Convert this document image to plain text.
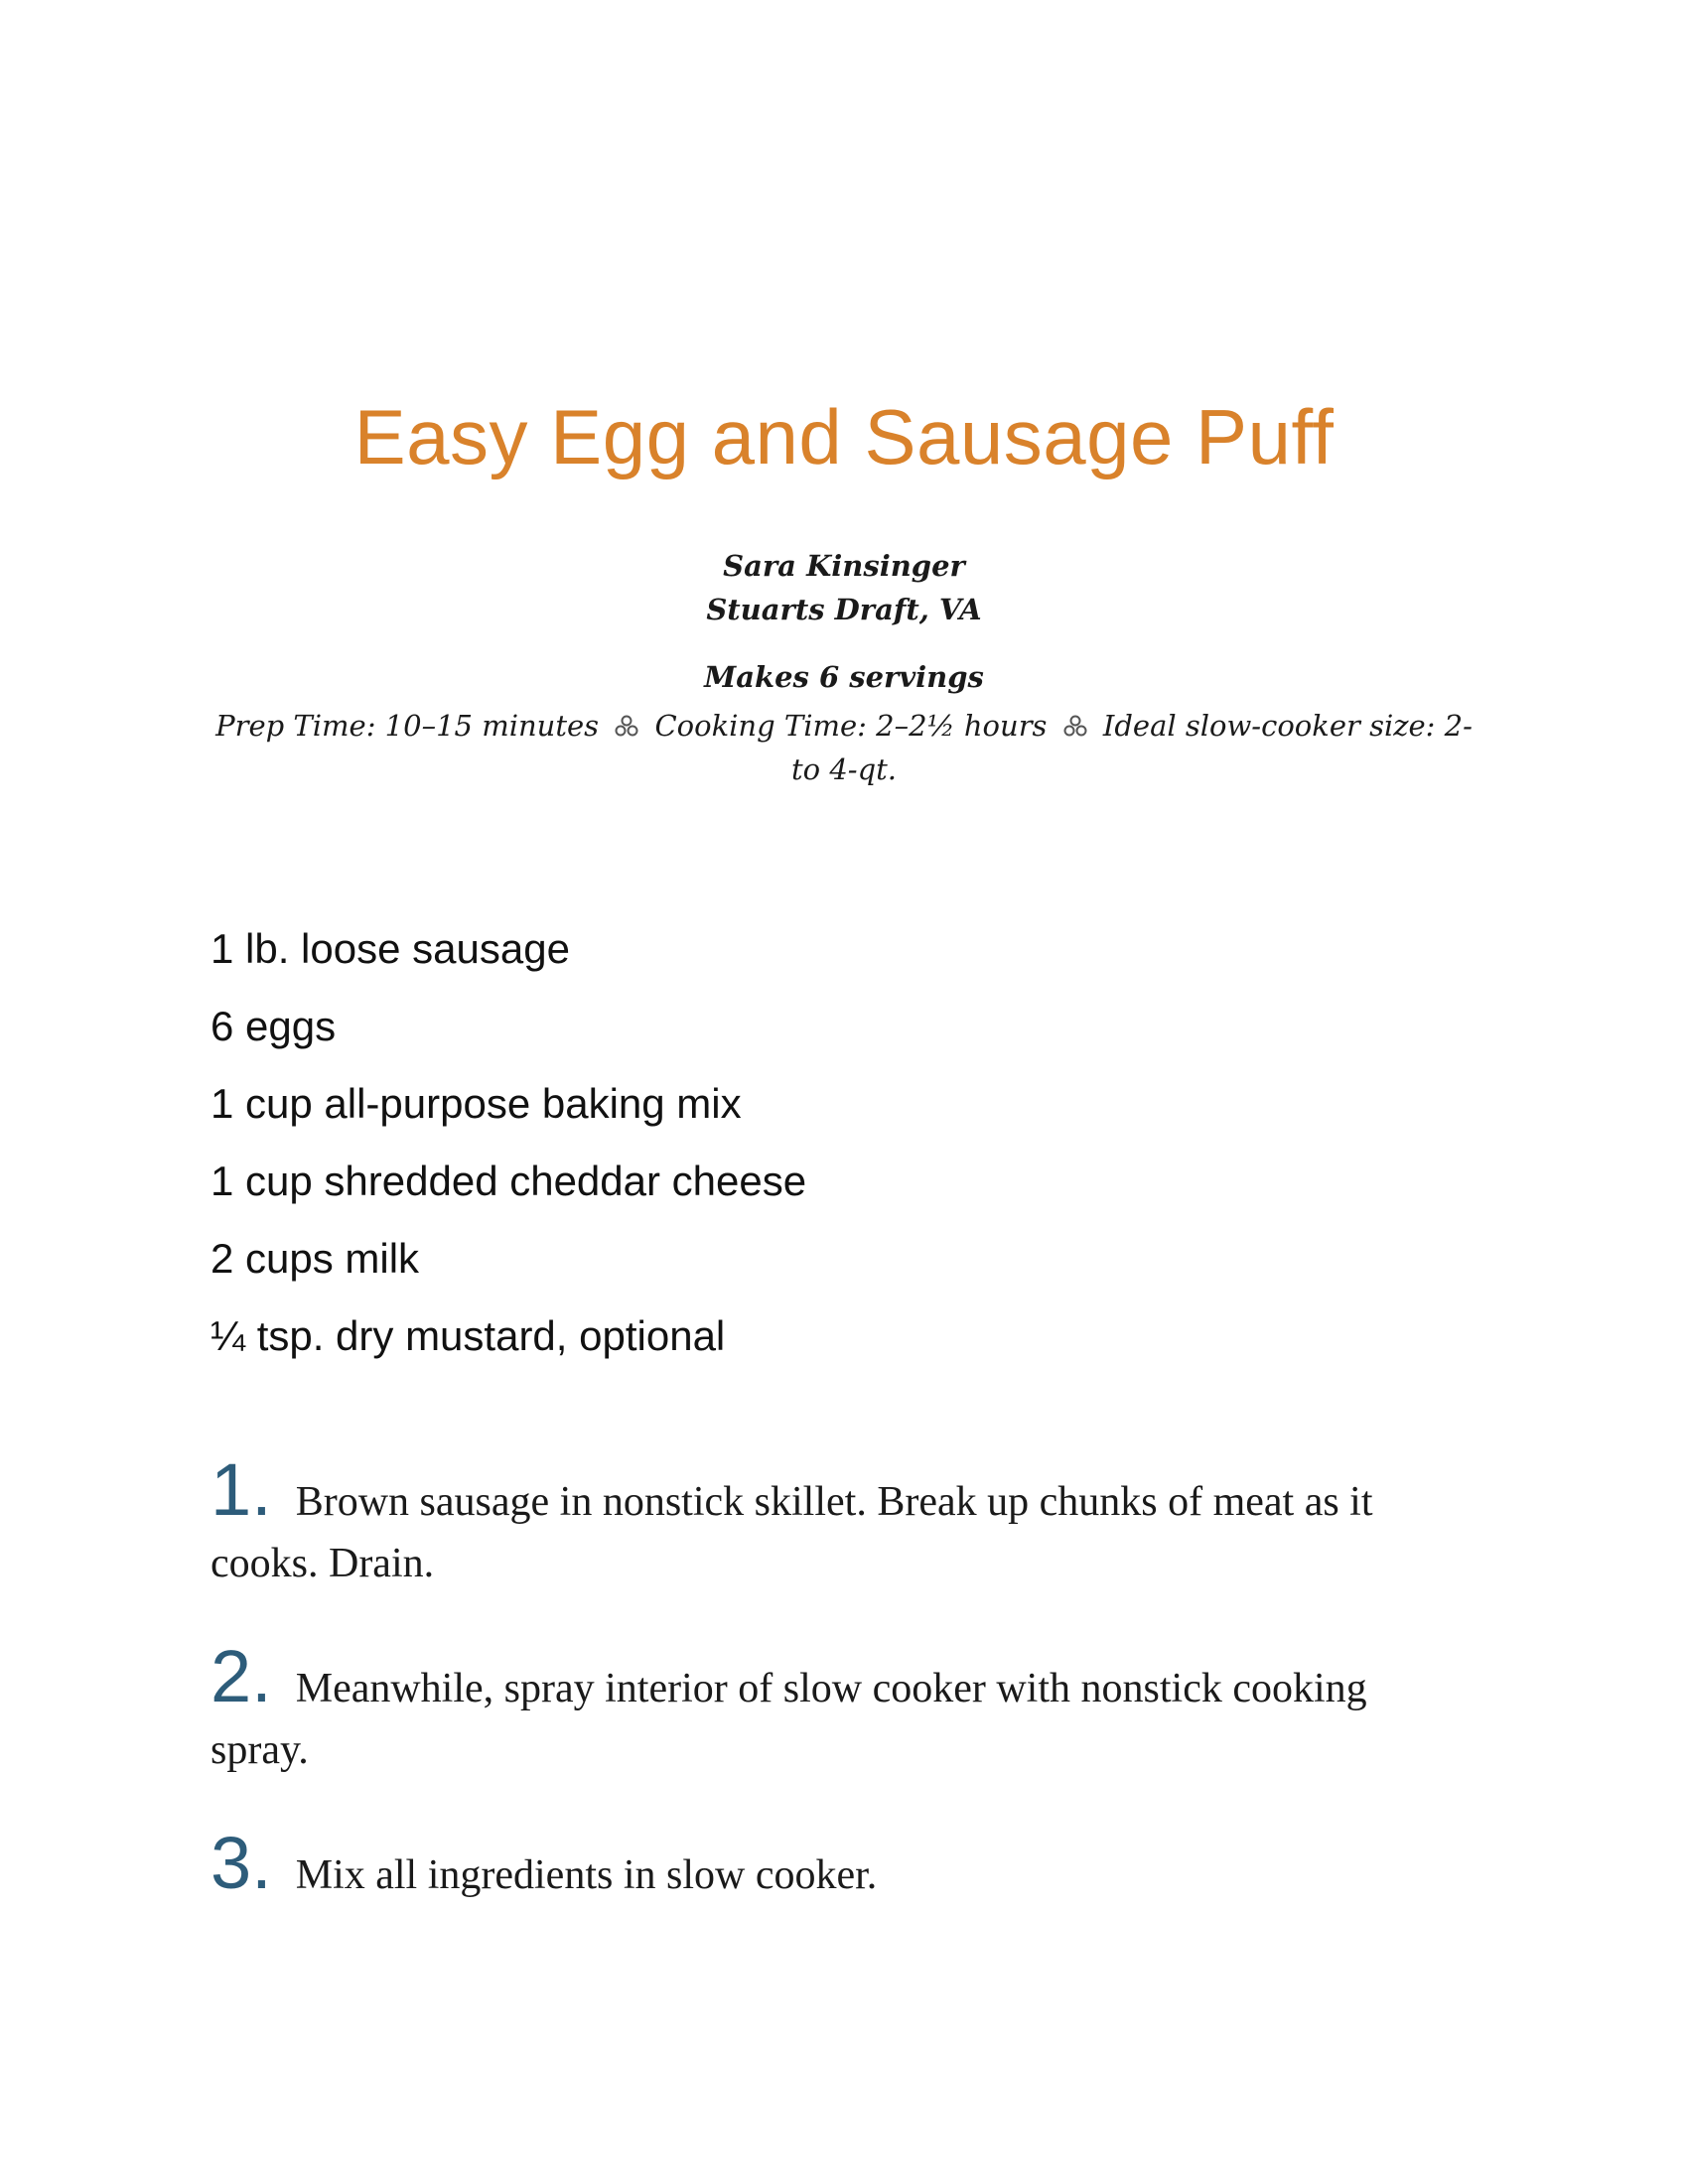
Easy Egg and Sausage Puff
Sara Kinsinger
Stuarts Draft, VA
Makes 6 servings
Prep Time: 10–15 minutes Cooking Time: 2–2½ hours Ideal slow-cooker size: 2- to 4-qt.
1 lb. loose sausage
6 eggs
1 cup all-purpose baking mix
1 cup shredded cheddar cheese
2 cups milk
¼ tsp. dry mustard, optional

1. Brown sausage in nonstick skillet. Break up chunks of meat as it cooks. Drain.

2. Meanwhile, spray interior of slow cooker with nonstick cooking spray.

3. Mix all ingredients in slow cooker.
